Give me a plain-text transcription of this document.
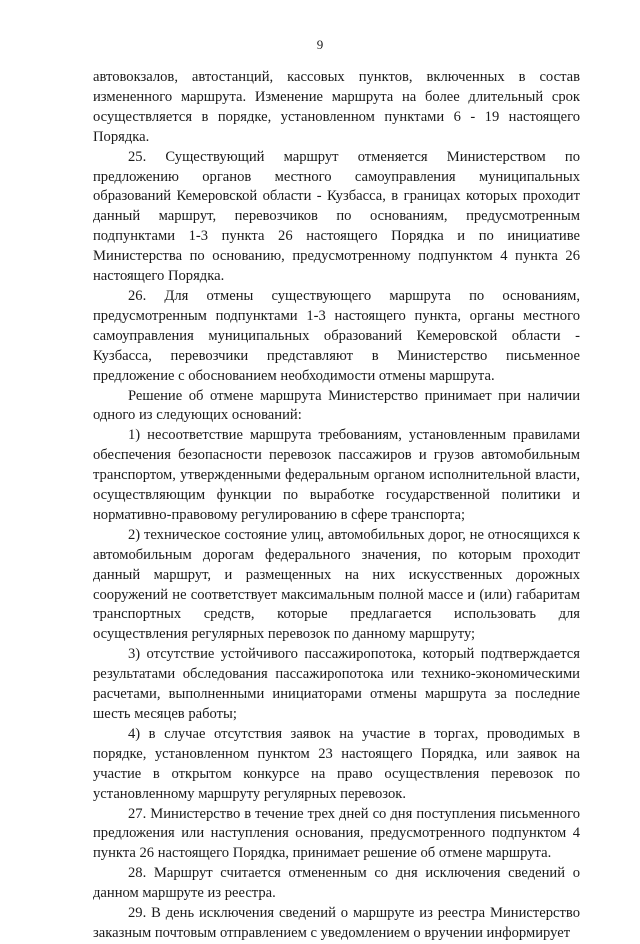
9

автовокзалов, автостанций, кассовых пунктов, включенных в состав измененного маршрута. Изменение маршрута на более длительный срок осуществляется в порядке, установленном пунктами 6 - 19 настоящего Порядка.

25. Существующий маршрут отменяется Министерством по предложению органов местного самоуправления муниципальных образований Кемеровской области - Кузбасса, в границах которых проходит данный маршрут, перевозчиков по основаниям, предусмотренным подпунктами 1-3 пункта 26 настоящего Порядка и по инициативе Министерства по основанию, предусмотренному подпунктом 4 пункта 26 настоящего Порядка.

26. Для отмены существующего маршрута по основаниям, предусмотренным подпунктами 1-3 настоящего пункта, органы местного самоуправления муниципальных образований Кемеровской области - Кузбасса, перевозчики представляют в Министерство письменное предложение с обоснованием необходимости отмены маршрута.

Решение об отмене маршрута Министерство принимает при наличии одного из следующих оснований:

1) несоответствие маршрута требованиям, установленным правилами обеспечения безопасности перевозок пассажиров и грузов автомобильным транспортом, утвержденными федеральным органом исполнительной власти, осуществляющим функции по выработке государственной политики и нормативно-правовому регулированию в сфере транспорта;

2) техническое состояние улиц, автомобильных дорог, не относящихся к автомобильным дорогам федерального значения, по которым проходит данный маршрут, и размещенных на них искусственных дорожных сооружений не соответствует максимальным полной массе и (или) габаритам транспортных средств, которые предлагается использовать для осуществления регулярных перевозок по данному маршруту;

3) отсутствие устойчивого пассажиропотока, который подтверждается результатами обследования пассажиропотока или технико-экономическими расчетами, выполненными инициаторами отмены маршрута за последние шесть месяцев работы;

4) в случае отсутствия заявок на участие в торгах, проводимых в порядке, установленном пунктом 23 настоящего Порядка, или заявок на участие в открытом конкурсе на право осуществления перевозок по установленному маршруту регулярных перевозок.

27. Министерство в течение трех дней со дня поступления письменного предложения или наступления основания, предусмотренного подпунктом 4 пункта 26 настоящего Порядка, принимает решение об отмене маршрута.

28. Маршрут считается отмененным со дня исключения сведений о данном маршруте из реестра.

29. В день исключения сведений о маршруте из реестра Министерство заказным почтовым отправлением с уведомлением о вручении информирует
